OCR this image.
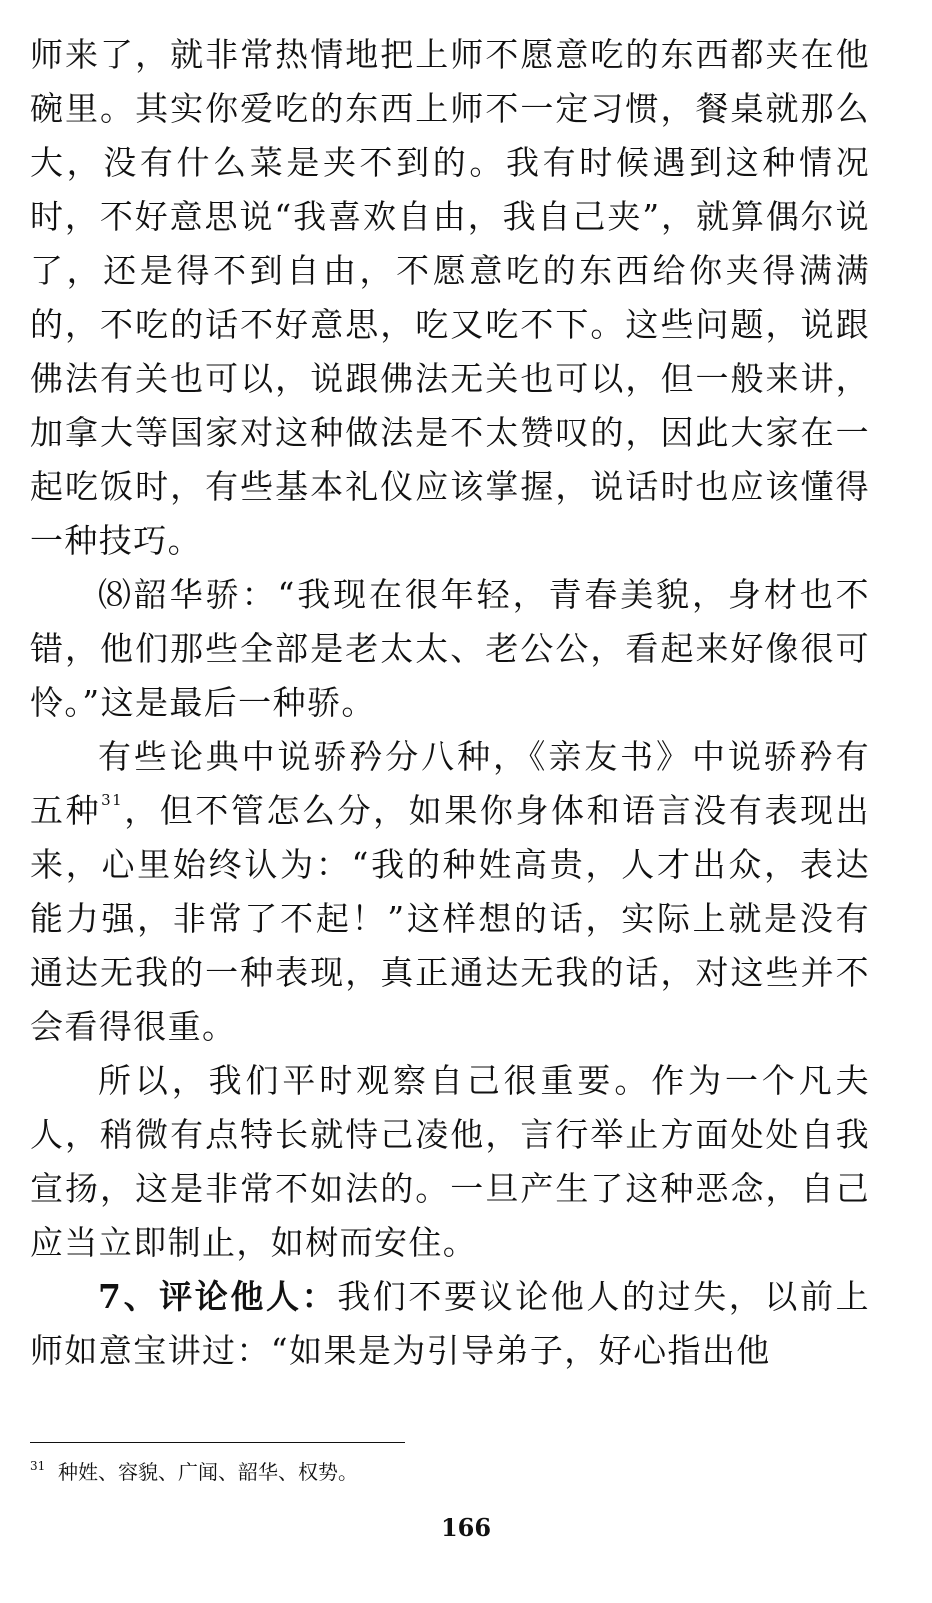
师来了，就非常热情地把上师不愿意吃的东西都夹在他碗里。其实你爱吃的东西上师不一定习惯，餐桌就那么大，没有什么菜是夹不到的。我有时候遇到这种情况时，不好意思说“我喜欢自由，我自己夹”，就算偶尔说了，还是得不到自由，不愿意吃的东西给你夹得满满的，不吃的话不好意思，吃又吃不下。这些问题，说跟佛法有关也可以，说跟佛法无关也可以，但一般来讲，加拿大等国家对这种做法是不太赞叹的，因此大家在一起吃饭时，有些基本礼仪应该掌握，说话时也应该懂得一种技巧。

⑻韶华骄：“我现在很年轻，青春美貌，身材也不错，他们那些全部是老太太、老公公，看起来好像很可怜。”这是最后一种骄。

有些论典中说骄矜分八种，《亲友书》中说骄矜有五种$^{31}$，但不管怎么分，如果你身体和语言没有表现出来，心里始终认为：“我的种姓高贵，人才出众，表达能力强，非常了不起！”这样想的话，实际上就是没有通达无我的一种表现，真正通达无我的话，对这些并不会看得很重。

所以，我们平时观察自己很重要。作为一个凡夫人，稍微有点特长就恃己凌他，言行举止方面处处自我宣扬，这是非常不如法的。一旦产生了这种恶念，自己应当立即制止，如树而安住。

7、评论他人：我们不要议论他人的过失，以前上师如意宝讲过：“如果是为引导弟子，好心指出他

$^{31}$ 种姓、容貌、广闻、韶华、权势。
166
